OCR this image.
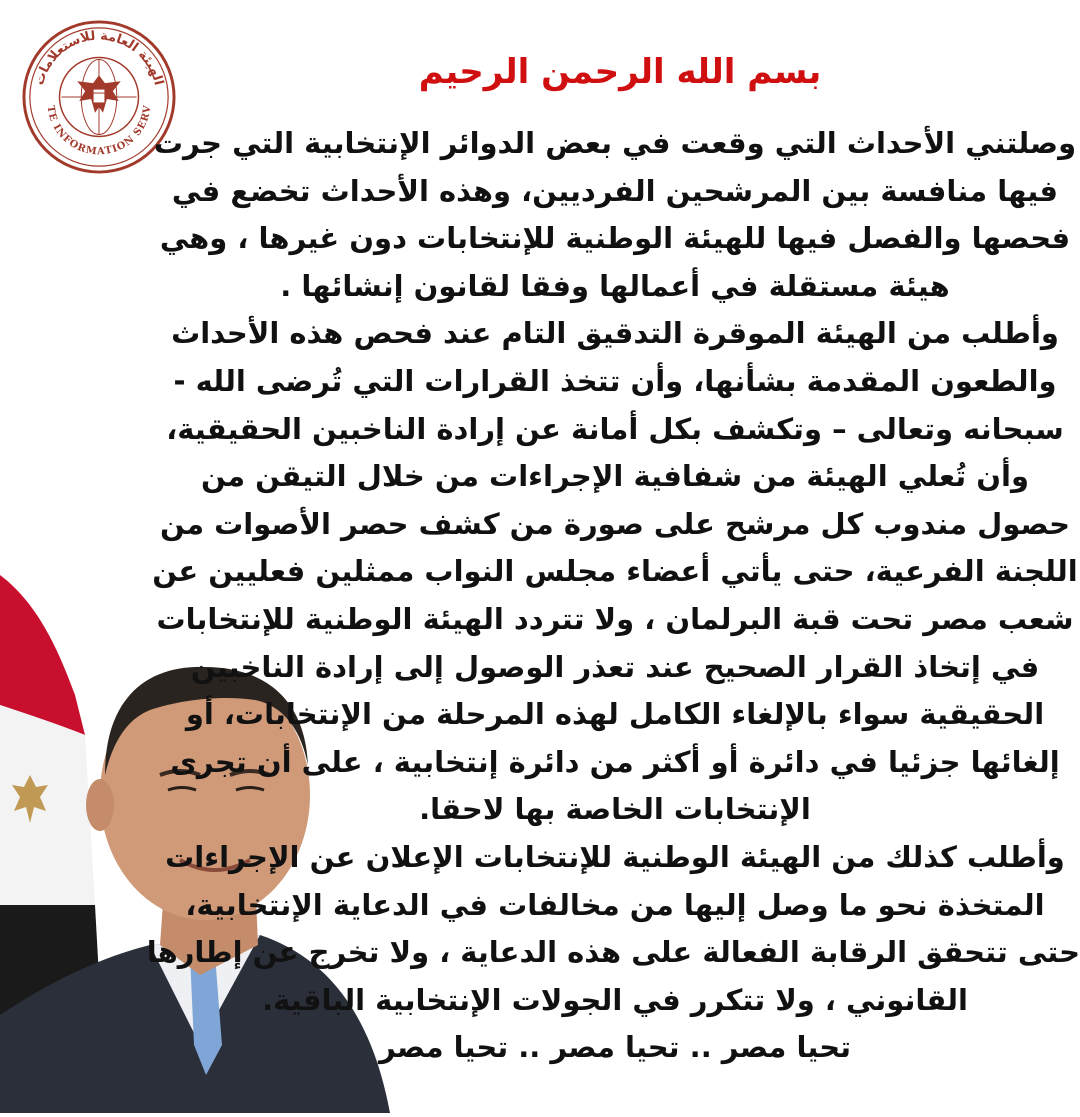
الهيئة العامة للاستعلامات
TE INFORMATION SERV
بسم الله الرحمن الرحيم
وصلتني الأحداث التي وقعت في بعض الدوائر الإنتخابية التي جرت
فيها منافسة بين المرشحين الفرديين، وهذه الأحداث تخضع في
فحصها والفصل فيها للهيئة الوطنية للإنتخابات دون غيرها ، وهي
هيئة مستقلة في أعمالها وفقا لقانون إنشائها .
وأطلب من الهيئة الموقرة التدقيق التام عند فحص هذه الأحداث
والطعون المقدمة بشأنها، وأن تتخذ القرارات التي تُرضى الله -
سبحانه وتعالى – وتكشف بكل أمانة عن إرادة الناخبين الحقيقية،
وأن تُعلي الهيئة من شفافية الإجراءات من خلال التيقن من
حصول مندوب كل مرشح على صورة من كشف حصر الأصوات من
اللجنة الفرعية، حتى يأتي أعضاء مجلس النواب ممثلين فعليين عن
شعب مصر تحت قبة البرلمان ، ولا تتردد الهيئة الوطنية للإنتخابات
في إتخاذ القرار الصحيح عند تعذر الوصول إلى إرادة الناخبين
الحقيقية سواء بالإلغاء الكامل لهذه المرحلة من الإنتخابات، أو
إلغائها جزئيا في دائرة أو أكثر من دائرة إنتخابية ، على أن تجرى
الإنتخابات الخاصة بها لاحقا.
وأطلب كذلك من الهيئة الوطنية للإنتخابات الإعلان عن الإجراءات
المتخذة نحو ما وصل إليها من مخالفات في الدعاية الإنتخابية،
حتى تتحقق الرقابة الفعالة على هذه الدعاية ، ولا تخرج عن إطارها
القانوني ، ولا تتكرر في الجولات الإنتخابية الباقية.
تحيا مصر .. تحيا مصر .. تحيا مصر
